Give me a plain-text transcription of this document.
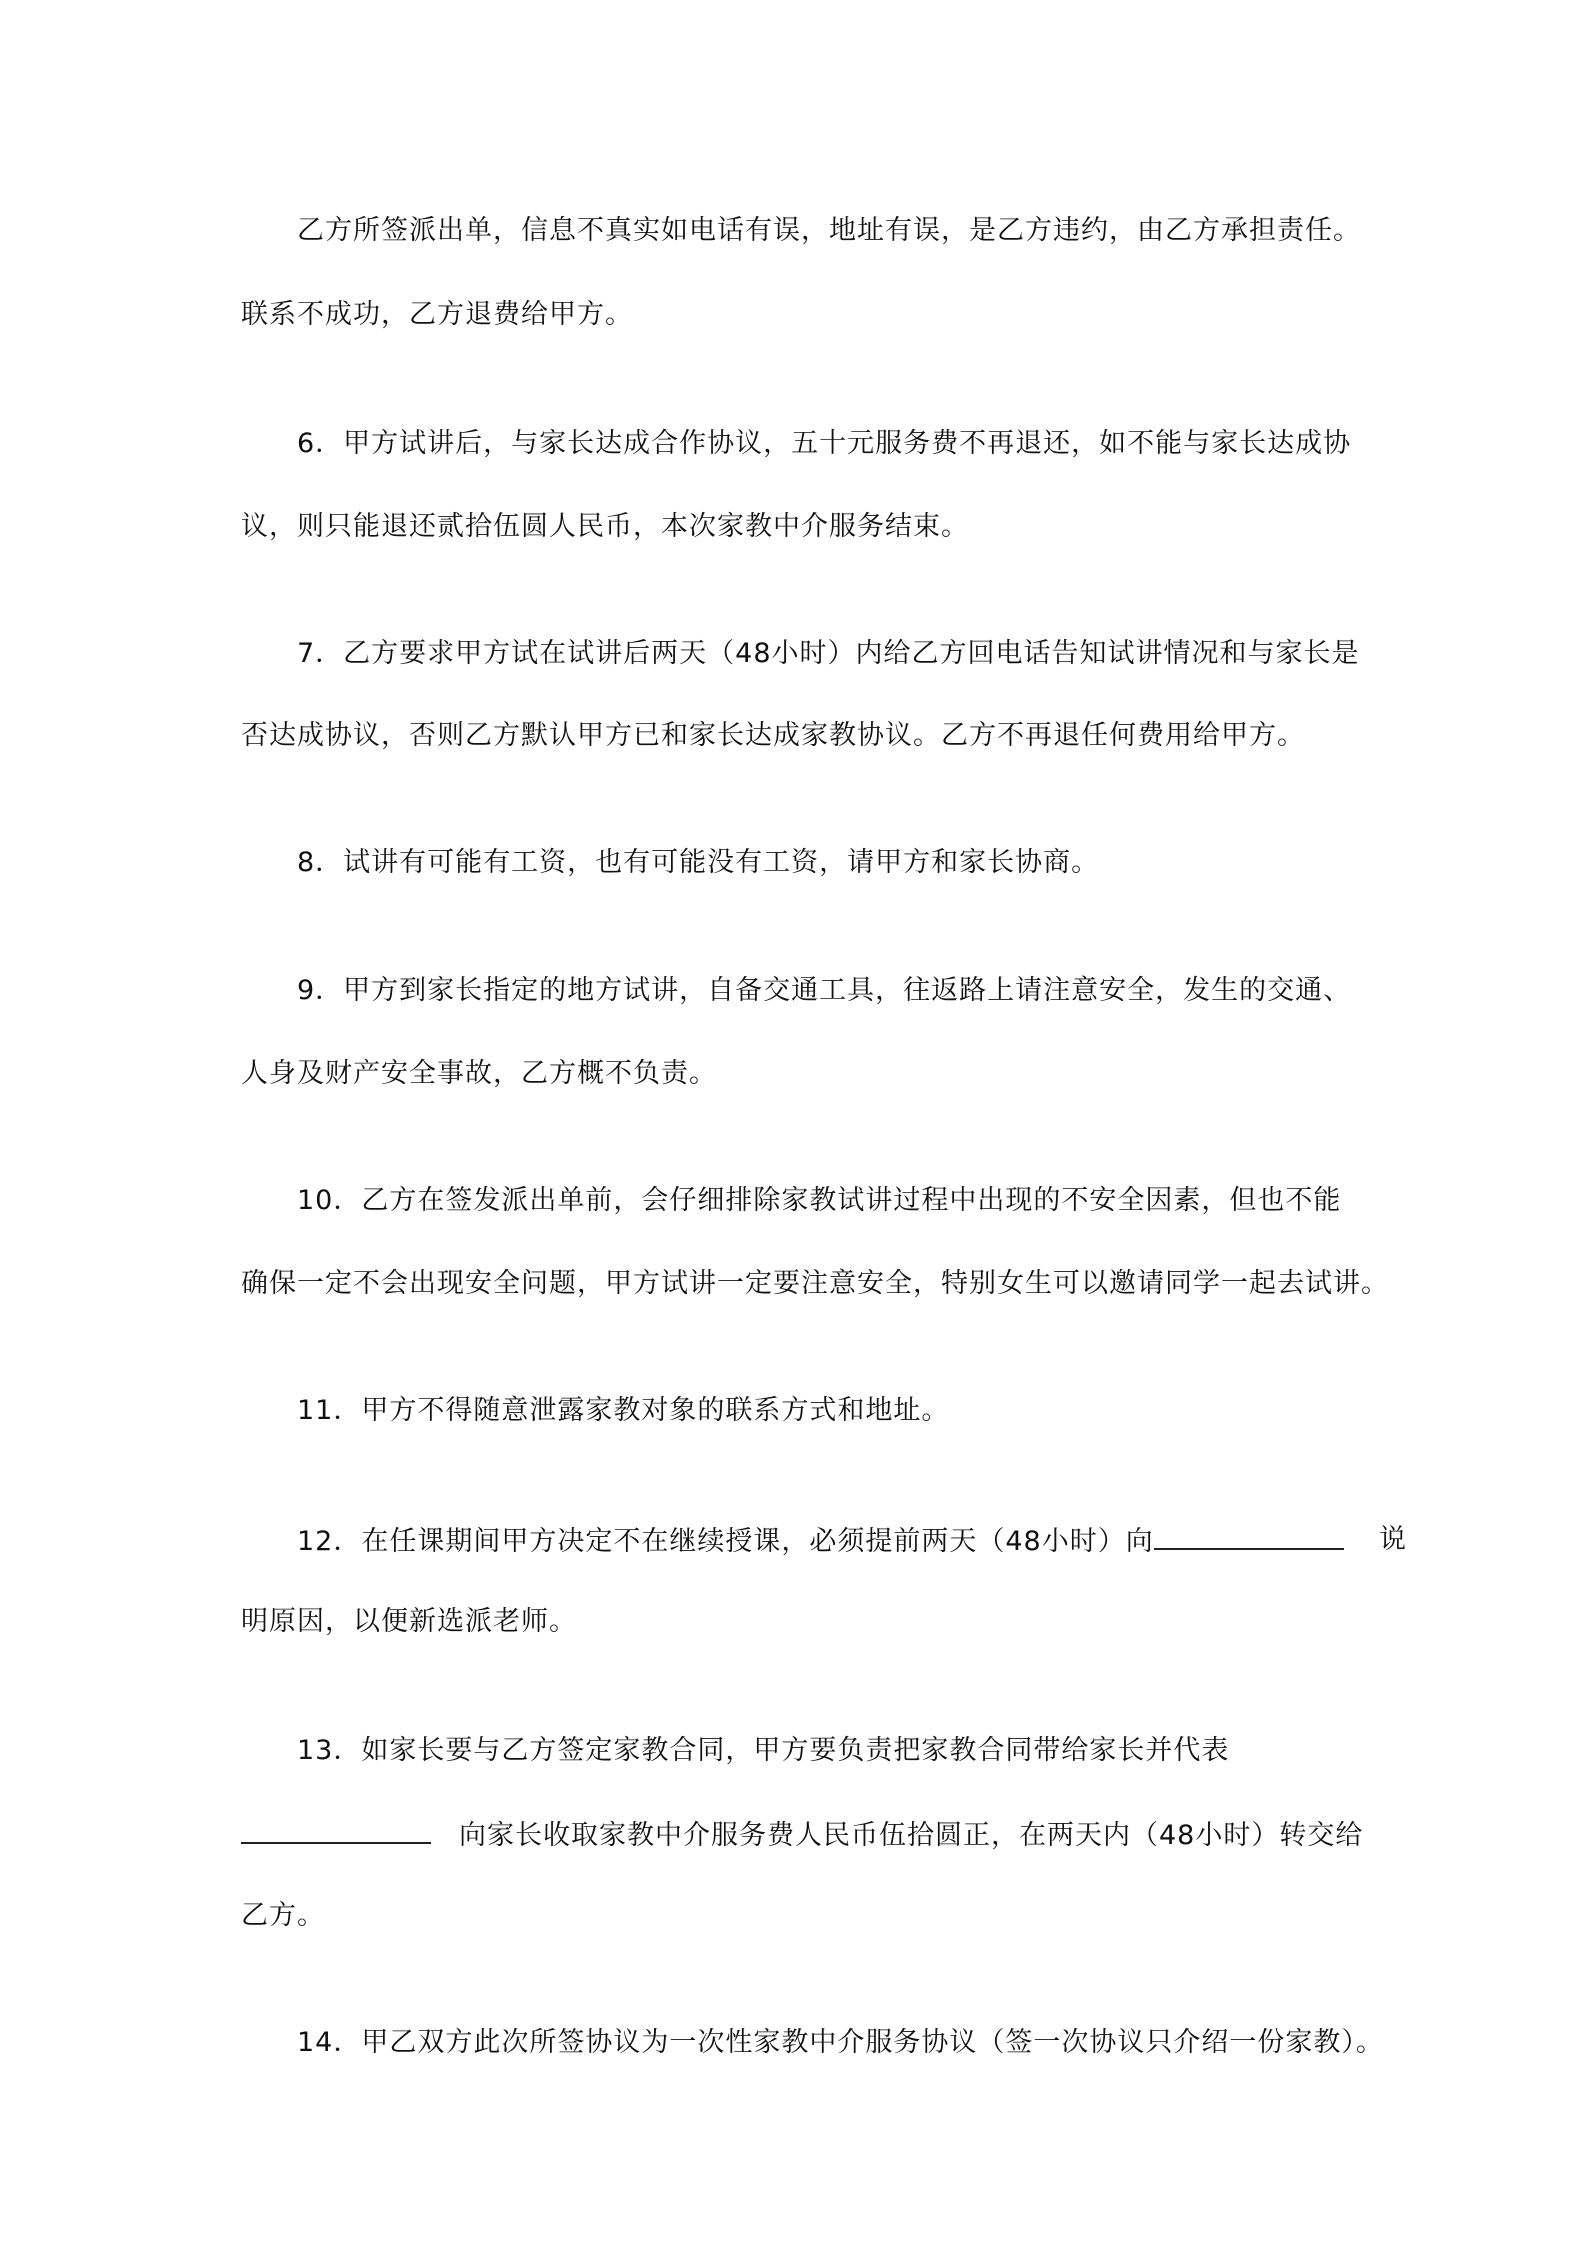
乙方所签派出单，信息不真实如电话有误，地址有误，是乙方违约，由乙方承担责任。
联系不成功，乙方退费给甲方。
6．甲方试讲后，与家长达成合作协议，五十元服务费不再退还，如不能与家长达成协
议，则只能退还贰拾伍圆人民币，本次家教中介服务结束。
7．乙方要求甲方试在试讲后两天（48小时）内给乙方回电话告知试讲情况和与家长是
否达成协议，否则乙方默认甲方已和家长达成家教协议。乙方不再退任何费用给甲方。
8．试讲有可能有工资，也有可能没有工资，请甲方和家长协商。
9．甲方到家长指定的地方试讲，自备交通工具，往返路上请注意安全，发生的交通、
人身及财产安全事故，乙方概不负责。
10．乙方在签发派出单前，会仔细排除家教试讲过程中出现的不安全因素，但也不能
确保一定不会出现安全问题，甲方试讲一定要注意安全，特别女生可以邀请同学一起去试讲。
11．甲方不得随意泄露家教对象的联系方式和地址。
12．在任课期间甲方决定不在继续授课，必须提前两天（48小时）向	说
明原因，以便新选派老师。
13．如家长要与乙方签定家教合同，甲方要负责把家教合同带给家长并代表
向家长收取家教中介服务费人民币伍拾圆正，在两天内（48小时）转交给
乙方。
14．甲乙双方此次所签协议为一次性家教中介服务协议（签一次协议只介绍一份家教）。
